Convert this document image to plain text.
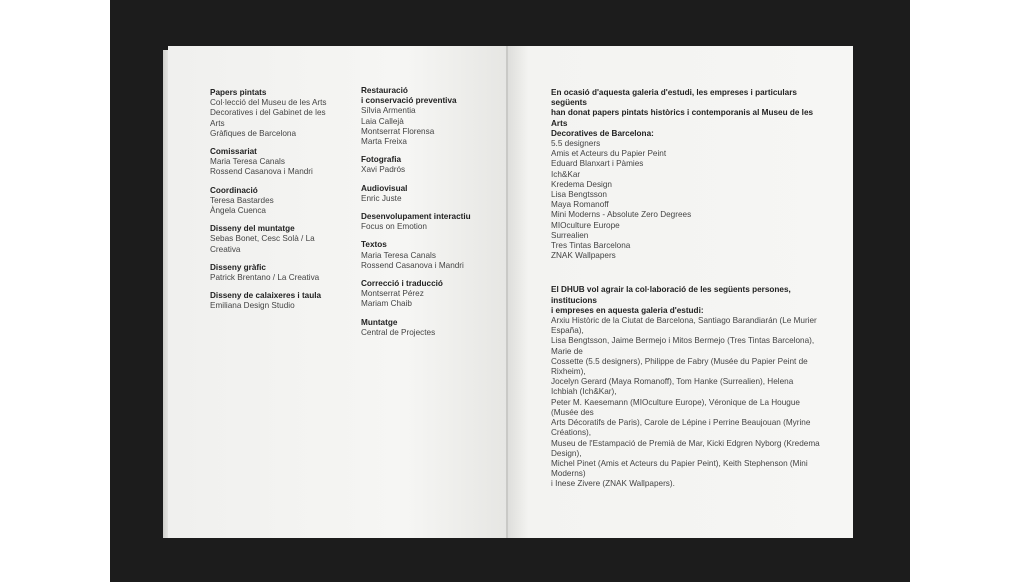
Papers pintats
Col·lecció del Museu de les Arts
Decoratives i del Gabinet de les Arts
Gràfiques de Barcelona
Comissariat
Maria Teresa Canals
Rossend Casanova i Mandri
Coordinació
Teresa Bastardes
Àngela Cuenca
Disseny del muntatge
Sebas Bonet, Cesc Solà / La Creativa
Disseny gràfic
Patrick Brentano / La Creativa
Disseny de calaixeres i taula
Emiliana Design Studio
Restauració
i conservació preventiva
Sílvia Armentia
Laia Callejà
Montserrat Florensa
Marta Freixa
Fotografia
Xavi Padrós
Audiovisual
Enric Juste
Desenvolupament interactiu
Focus on Emotion
Textos
Maria Teresa Canals
Rossend Casanova i Mandri
Correcció i traducció
Montserrat Pérez
Mariam Chaib
Muntatge
Central de Projectes
En ocasió d'aquesta galeria d'estudi, les empreses i particulars següents
han donat papers pintats històrics i contemporanis al Museu de les Arts
Decoratives de Barcelona:
5.5 designers
Amis et Acteurs du Papier Peint
Eduard Blanxart i Pàmies
Ich&Kar
Kredema Design
Lisa Bengtsson
Maya Romanoff
Mini Moderns - Absolute Zero Degrees
MIOculture Europe
Surrealien
Tres Tintas Barcelona
ZNAK Wallpapers
El DHUB vol agrair la col·laboració de les següents persones, institucions
i empreses en aquesta galeria d'estudi:
Arxiu Històric de la Ciutat de Barcelona, Santiago Barandiarán (Le Murier España),
Lisa Bengtsson, Jaime Bermejo i Mitos Bermejo (Tres Tintas Barcelona), Marie de
Cossette (5.5 designers), Philippe de Fabry (Musée du Papier Peint de Rixheim),
Jocelyn Gerard (Maya Romanoff), Tom Hanke (Surrealien), Helena Ichbiah (Ich&Kar),
Peter M. Kaesemann (MIOculture Europe), Véronique de La Hougue (Musée des
Arts Décoratifs de Paris), Carole de Lépine i Perrine Beaujouan (Myrine Créations),
Museu de l'Estampació de Premià de Mar, Kicki Edgren Nyborg (Kredema Design),
Michel Pinet (Amis et Acteurs du Papier Peint), Keith Stephenson (Mini Moderns)
i Inese Zivere (ZNAK Wallpapers).
